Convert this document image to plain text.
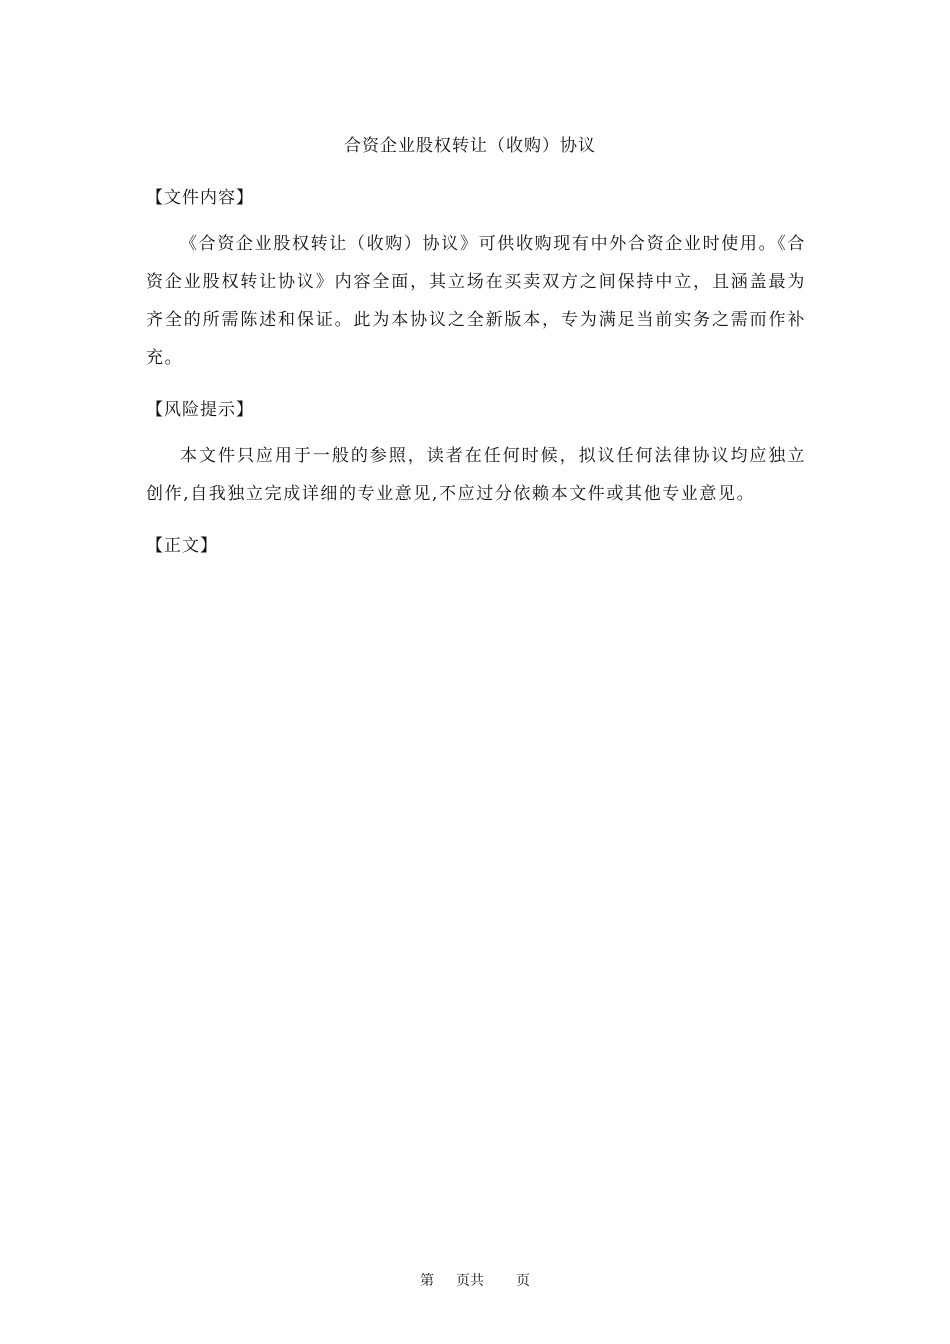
合资企业股权转让（收购）协议
【文件内容】
《合资企业股权转让（收购）协议》可供收购现有中外合资企业时使用。《合资企业股权转让协议》内容全面，其立场在买卖双方之间保持中立，且涵盖最为齐全的所需陈述和保证。此为本协议之全新版本，专为满足当前实务之需而作补充。
【风险提示】
本文件只应用于一般的参照，读者在任何时候，拟议任何法律协议均应独立创作,自我独立完成详细的专业意见,不应过分依赖本文件或其他专业意见。
【正文】
第 页共 页
